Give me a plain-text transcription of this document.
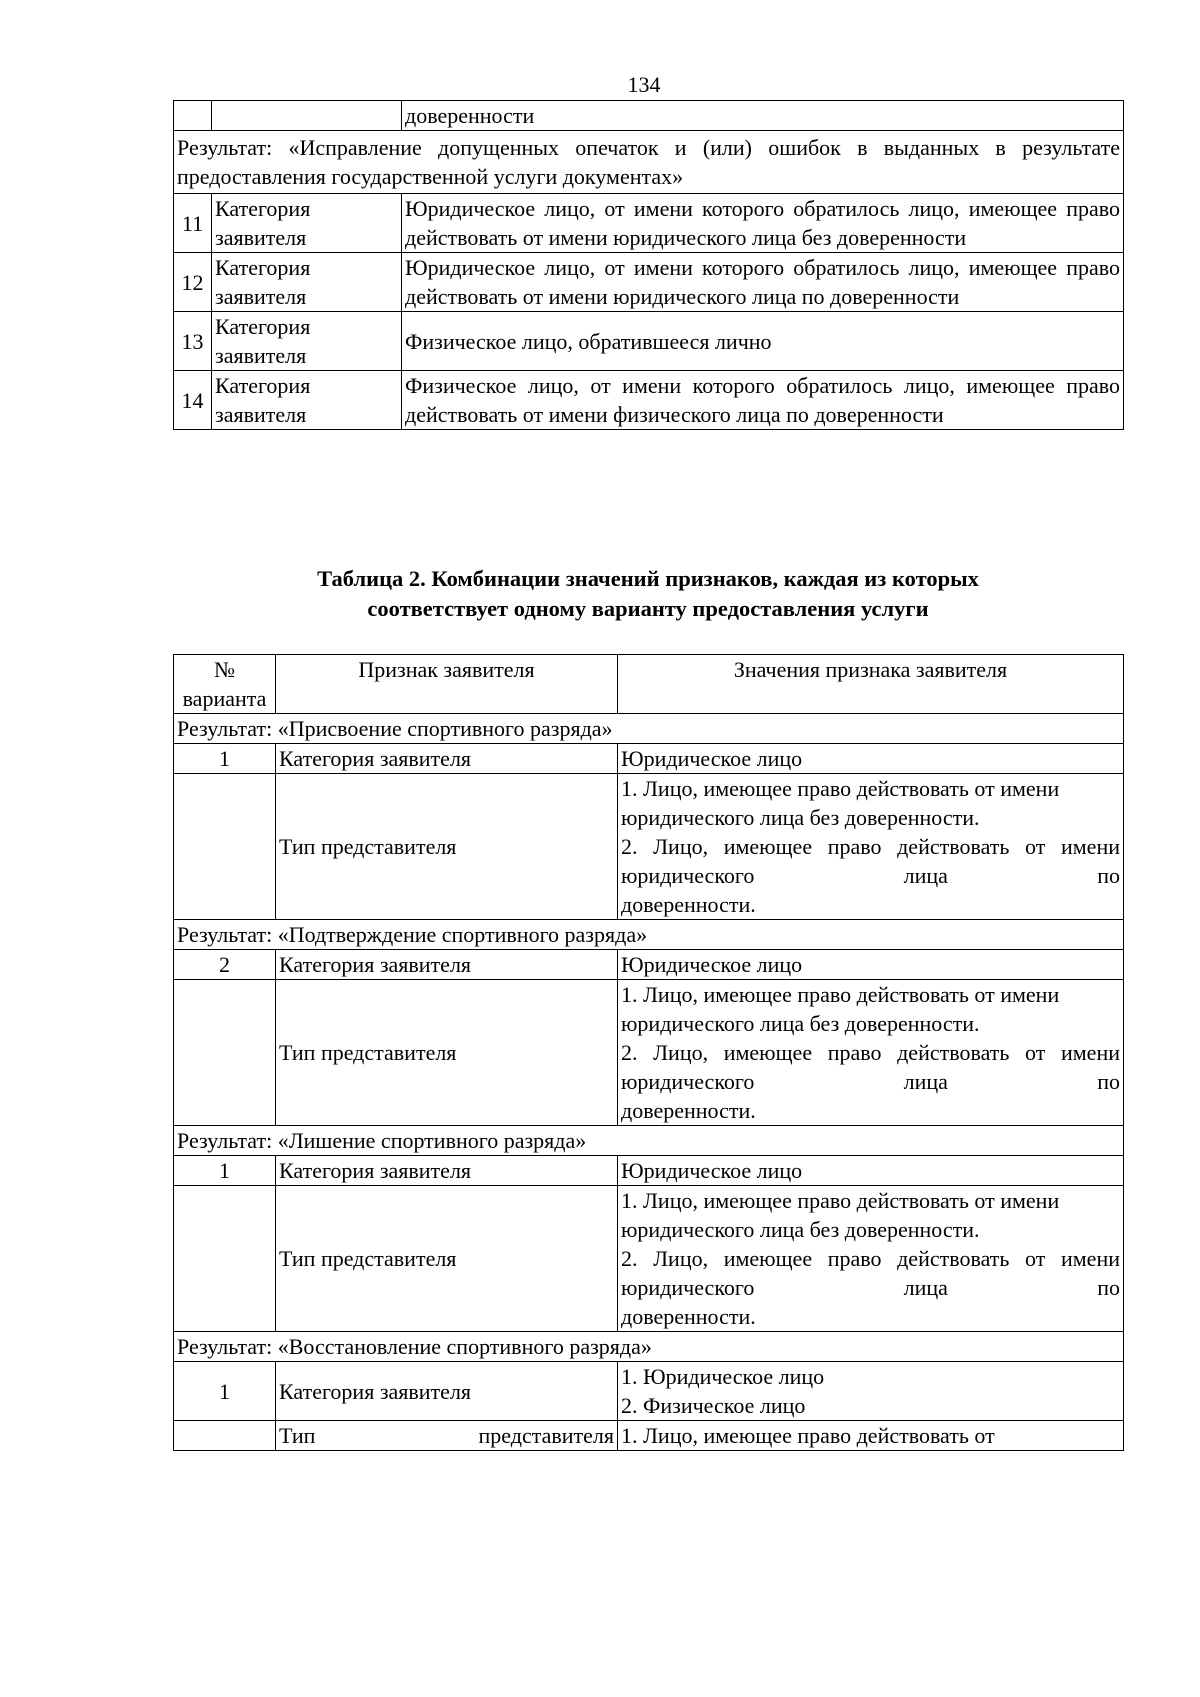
134
		доверенности
Результат: «Исправление допущенных опечаток и (или) ошибок в выданных в результате предоставления государственной услуги документах»		
11	Категория заявителя	Юридическое лицо, от имени которого обратилось лицо, имеющее право действовать от имени юридического лица без доверенности
12	Категория заявителя	Юридическое лицо, от имени которого обратилось лицо, имеющее право действовать от имени юридического лица по доверенности
13	Категория заявителя	Физическое лицо, обратившееся лично
14	Категория заявителя	Физическое лицо, от имени которого обратилось лицо, имеющее право действовать от имени физического лица по доверенности
Таблица 2. Комбинации значений признаков, каждая из которых
соответствует одному варианту предоставления услуги
№ варианта	Признак заявителя	Значения признака заявителя
Результат: «Присвоение спортивного разряда»		
1	Категория заявителя	Юридическое лицо
	Тип представителя	1. Лицо, имеющее право действовать от имени юридического лица без доверенности.
2. Лицо, имеющее право действовать от имени юридического лица по
доверенности.

Результат: «Подтверждение спортивного разряда»		
2	Категория заявителя	Юридическое лицо
	Тип представителя	1. Лицо, имеющее право действовать от имени юридического лица без доверенности.
2. Лицо, имеющее право действовать от имени юридического лица по
доверенности.

Результат: «Лишение спортивного разряда»		
1	Категория заявителя	Юридическое лицо
	Тип представителя	1. Лицо, имеющее право действовать от имени юридического лица без доверенности.
2. Лицо, имеющее право действовать от имени юридического лица по
доверенности.

Результат: «Восстановление спортивного разряда»		
1	Категория заявителя	1. Юридическое лицо
2. Физическое лицо

	Тип представителя	1. Лицо, имеющее право действовать от
